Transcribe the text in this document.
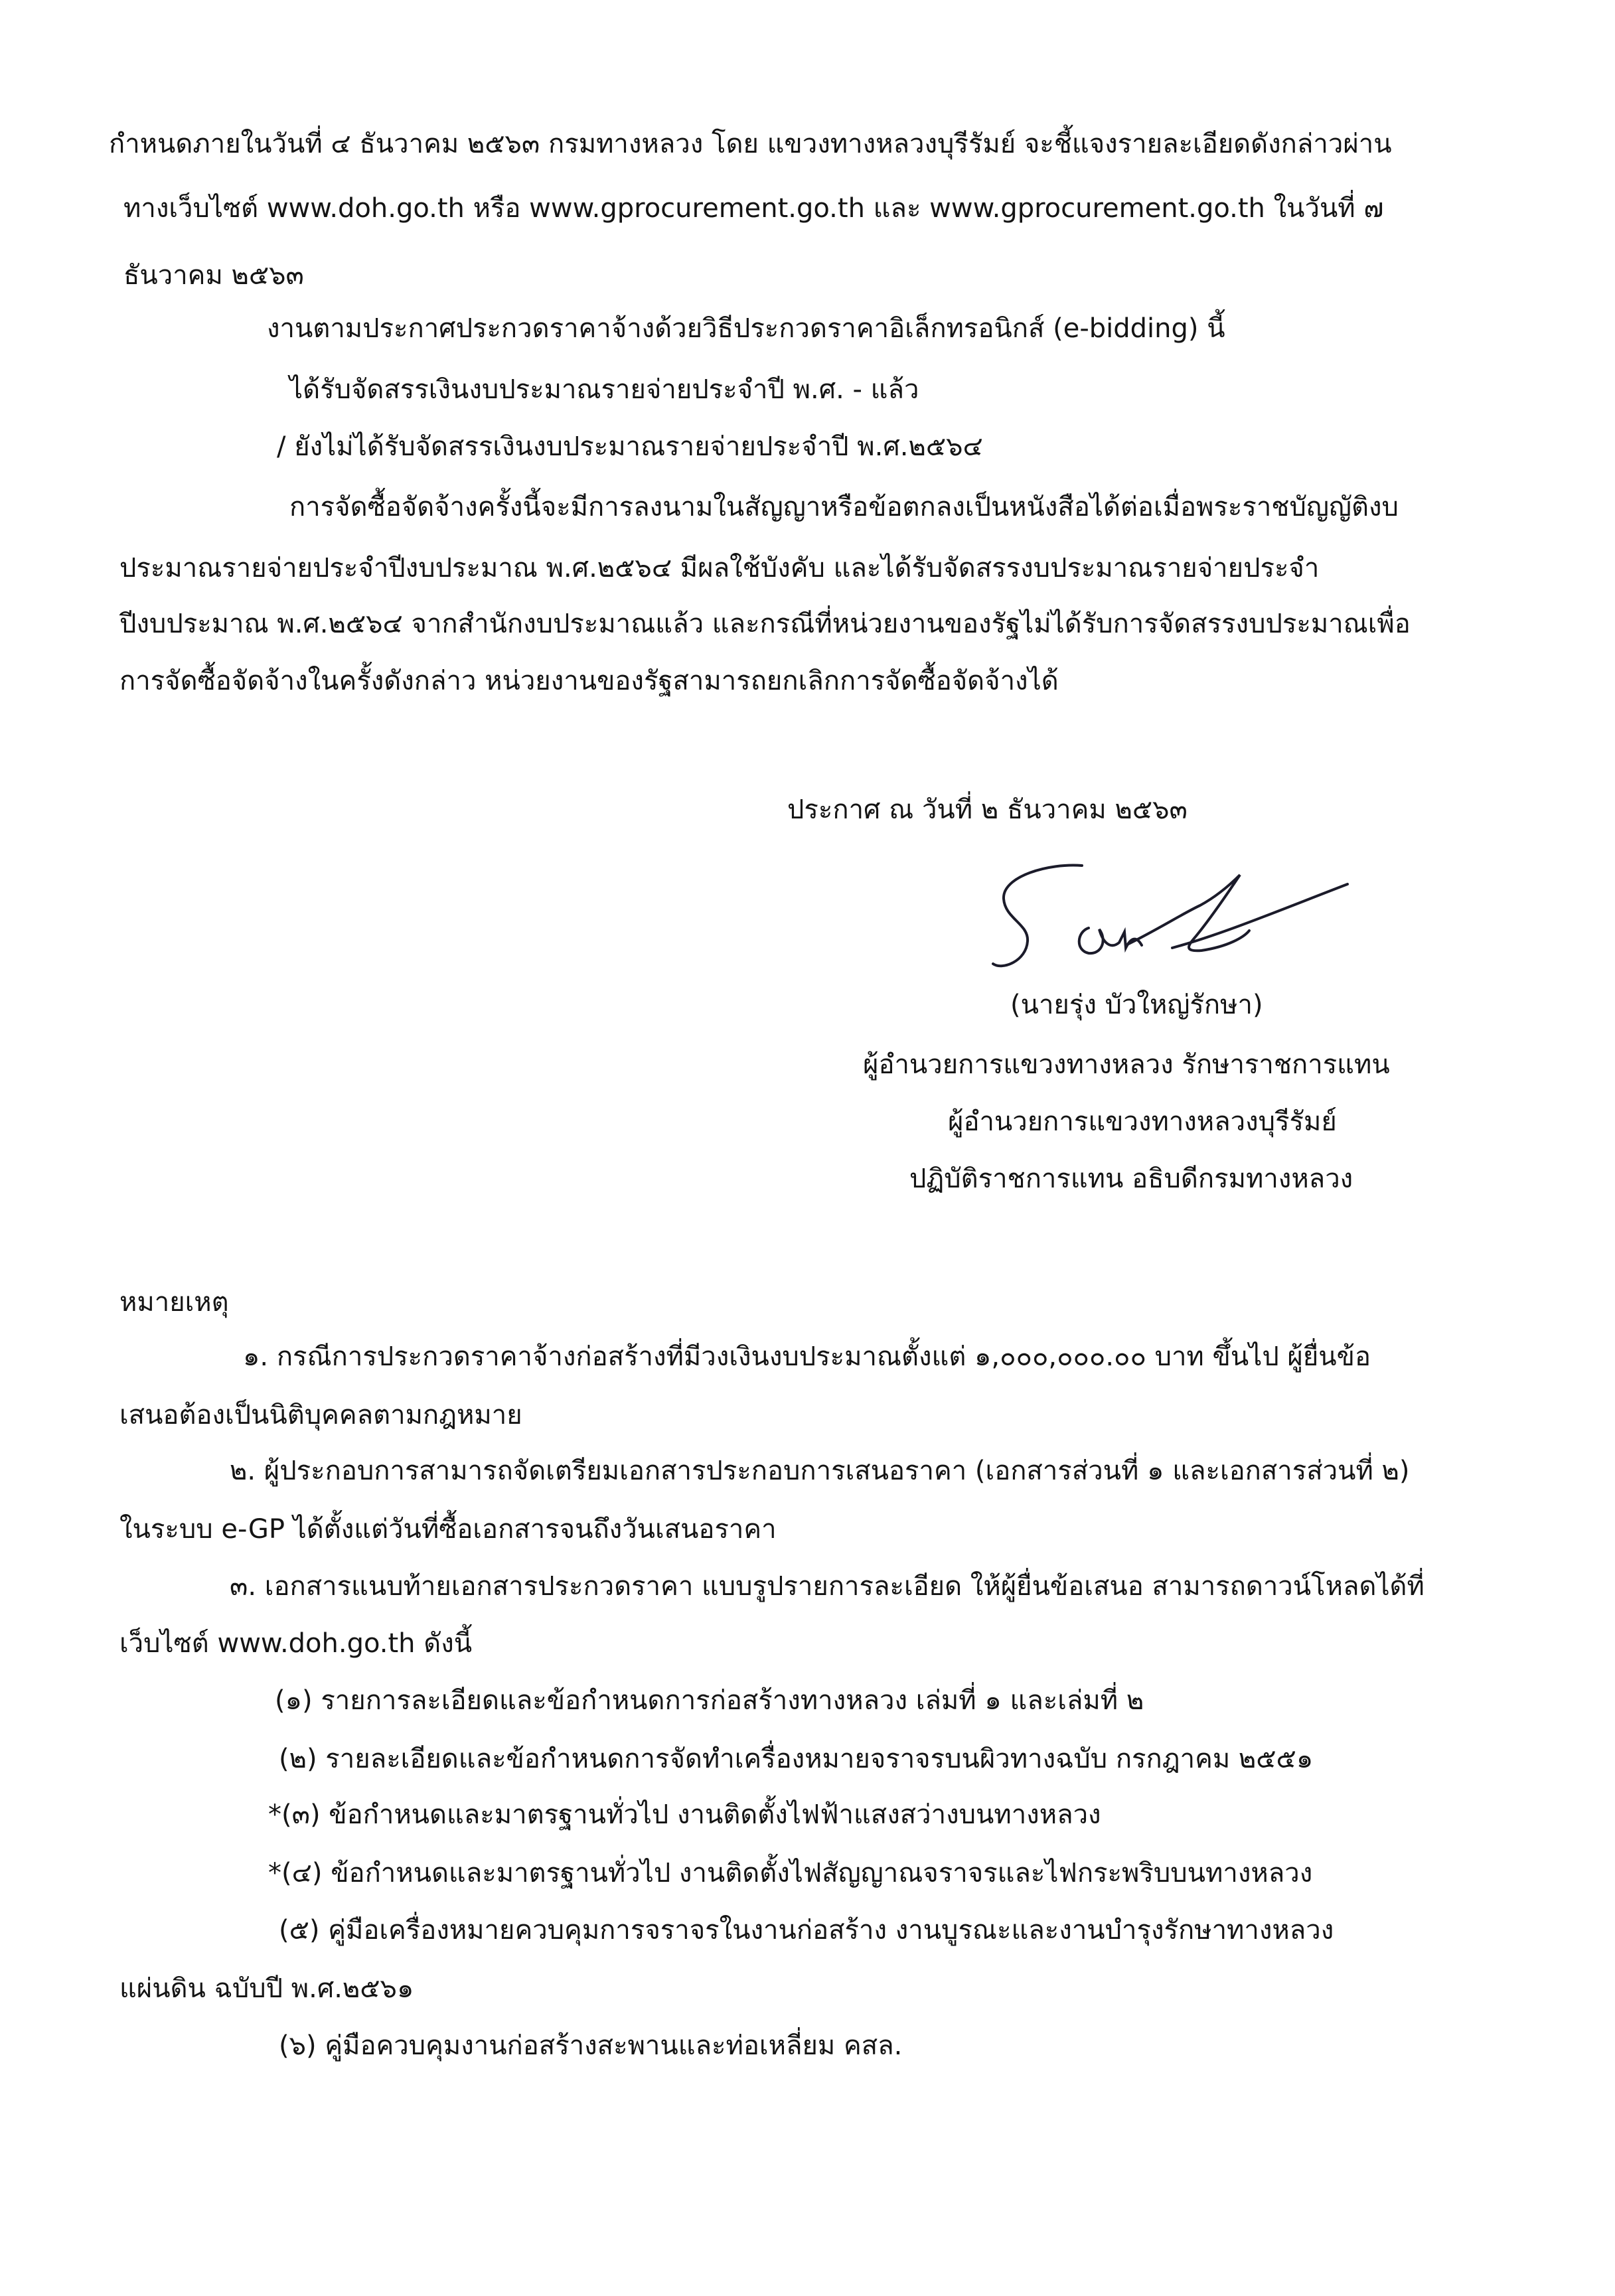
กำหนดภายในวันที่ ๔ ธันวาคม ๒๕๖๓ กรมทางหลวง โดย แขวงทางหลวงบุรีรัมย์ จะชี้แจงรายละเอียดดังกล่าวผ่าน
ทางเว็บไซต์ www.doh.go.th หรือ www.gprocurement.go.th และ www.gprocurement.go.th ในวันที่ ๗
ธันวาคม ๒๕๖๓
งานตามประกาศประกวดราคาจ้างด้วยวิธีประกวดราคาอิเล็กทรอนิกส์ (e-bidding) นี้
ได้รับจัดสรรเงินงบประมาณรายจ่ายประจำปี พ.ศ. - แล้ว
/ ยังไม่ได้รับจัดสรรเงินงบประมาณรายจ่ายประจำปี พ.ศ.๒๕๖๔
การจัดซื้อจัดจ้างครั้งนี้จะมีการลงนามในสัญญาหรือข้อตกลงเป็นหนังสือได้ต่อเมื่อพระราชบัญญัติงบ
ประมาณรายจ่ายประจำปีงบประมาณ พ.ศ.๒๕๖๔ มีผลใช้บังคับ และได้รับจัดสรรงบประมาณรายจ่ายประจำ
ปีงบประมาณ พ.ศ.๒๕๖๔ จากสำนักงบประมาณแล้ว และกรณีที่หน่วยงานของรัฐไม่ได้รับการจัดสรรงบประมาณเพื่อ
การจัดซื้อจัดจ้างในครั้งดังกล่าว หน่วยงานของรัฐสามารถยกเลิกการจัดซื้อจัดจ้างได้
ประกาศ ณ วันที่ ๒ ธันวาคม ๒๕๖๓
(นายรุ่ง บัวใหญ่รักษา)
ผู้อำนวยการแขวงทางหลวง รักษาราชการแทน
ผู้อำนวยการแขวงทางหลวงบุรีรัมย์
ปฏิบัติราชการแทน อธิบดีกรมทางหลวง
หมายเหตุ
๑. กรณีการประกวดราคาจ้างก่อสร้างที่มีวงเงินงบประมาณตั้งแต่ ๑,๐๐๐,๐๐๐.๐๐ บาท ขึ้นไป ผู้ยื่นข้อ
เสนอต้องเป็นนิติบุคคลตามกฎหมาย
๒. ผู้ประกอบการสามารถจัดเตรียมเอกสารประกอบการเสนอราคา (เอกสารส่วนที่ ๑ และเอกสารส่วนที่ ๒)
ในระบบ e-GP ได้ตั้งแต่วันที่ซื้อเอกสารจนถึงวันเสนอราคา
๓. เอกสารแนบท้ายเอกสารประกวดราคา แบบรูปรายการละเอียด ให้ผู้ยื่นข้อเสนอ สามารถดาวน์โหลดได้ที่
เว็บไซต์ www.doh.go.th ดังนี้
(๑) รายการละเอียดและข้อกำหนดการก่อสร้างทางหลวง เล่มที่ ๑ และเล่มที่ ๒
(๒) รายละเอียดและข้อกำหนดการจัดทำเครื่องหมายจราจรบนผิวทางฉบับ กรกฎาคม ๒๕๕๑
*(๓) ข้อกำหนดและมาตรฐานทั่วไป งานติดตั้งไฟฟ้าแสงสว่างบนทางหลวง
*(๔) ข้อกำหนดและมาตรฐานทั่วไป งานติดตั้งไฟสัญญาณจราจรและไฟกระพริบบนทางหลวง
(๕) คู่มือเครื่องหมายควบคุมการจราจรในงานก่อสร้าง งานบูรณะและงานบำรุงรักษาทางหลวง
แผ่นดิน ฉบับปี พ.ศ.๒๕๖๑
(๖) คู่มือควบคุมงานก่อสร้างสะพานและท่อเหลี่ยม คสล.
